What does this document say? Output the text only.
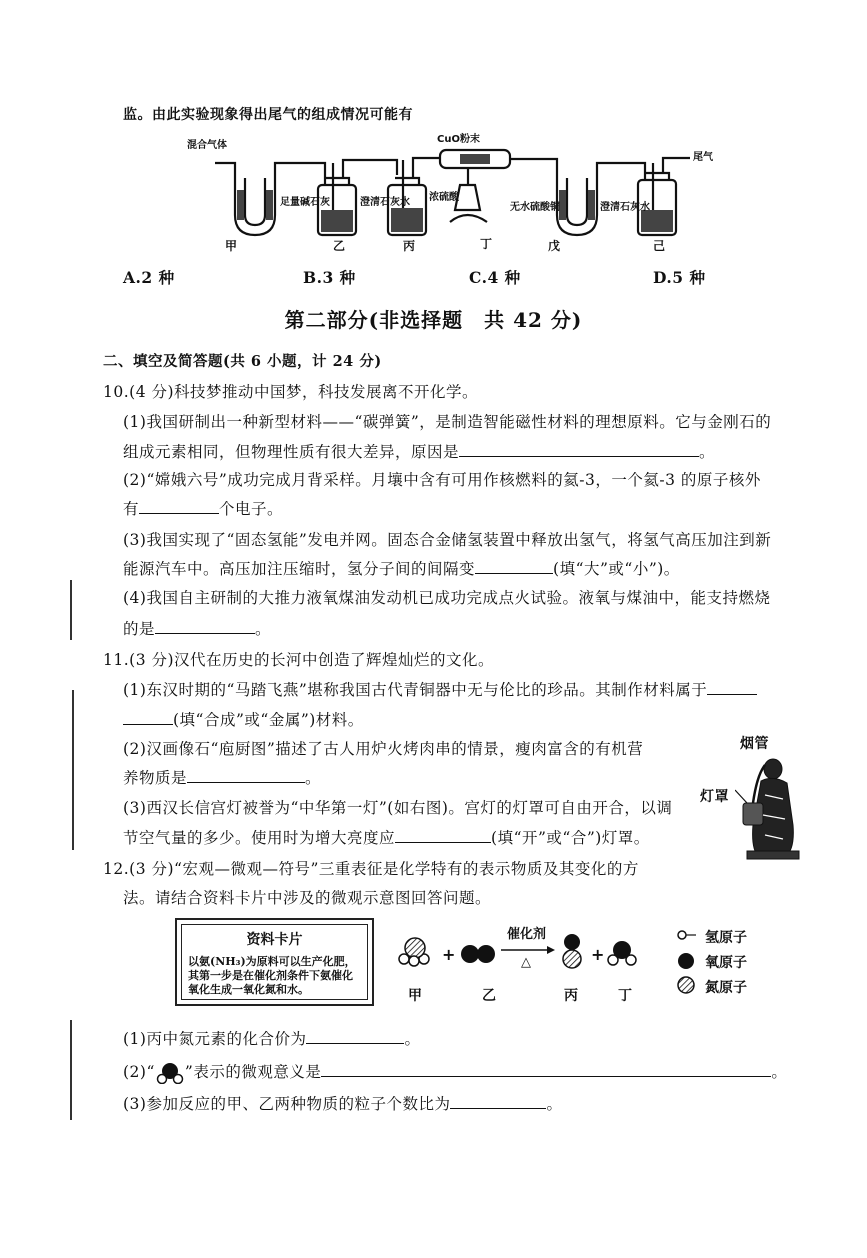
监。由此实验现象得出尾气的组成情况可能有
混合气体
足量碱石灰	澄清石灰水 浓硫酸
CuO粉末
无水硫酸铜	澄清石灰水
尾气
甲	乙	丙	丁	戊	己
A.2 种	B.3 种	C.4 种	D.5 种
第二部分(非选择题　共 42 分)
二、填空及简答题(共 6 小题，计 24 分)
10.(4 分)科技梦推动中国梦，科技发展离不开化学。
(1)我国研制出一种新型材料——“碳弹簧”，是制造智能磁性材料的理想原料。它与金刚石的
组成元素相同，但物理性质有很大差异，原因是	。
(2)“嫦娥六号”成功完成月背采样。月壤中含有可用作核燃料的氦-3，一个氦-3 的原子核外
有	个电子。
(3)我国实现了“固态氢能”发电并网。固态合金储氢装置中释放出氢气，将氢气高压加注到新
能源汽车中。高压加注压缩时，氢分子间的间隔变	(填“大”或“小”)。
(4)我国自主研制的大推力液氧煤油发动机已成功完成点火试验。液氧与煤油中，能支持燃烧
的是	。
11.(3 分)汉代在历史的长河中创造了辉煌灿烂的文化。
(1)东汉时期的“马踏飞燕”堪称我国古代青铜器中无与伦比的珍品。其制作材料属于
(填“合成”或“金属”)材料。
(2)汉画像石“庖厨图”描述了古人用炉火烤肉串的情景，瘦肉富含的有机营
养物质是	。
(3)西汉长信宫灯被誉为“中华第一灯”(如右图)。宫灯的灯罩可自由开合，以调
节空气量的多少。使用时为增大亮度应	(填“开”或“合”)灯罩。
烟管
灯罩
12.(3 分)“宏观—微观—符号”三重表征是化学特有的表示物质及其变化的方
法。请结合资料卡片中涉及的微观示意图回答问题。
资料卡片
以氨(NH₃)为原料可以生产化肥，其第一步是在催化剂条件下氨催化氧化生成一氧化氮和水。
+
催化剂
△	+
甲	乙	丙	丁
氢原子
氧原子
氮原子
(1)丙中氮元素的化合价为	。
(2)“ ”表示的微观意义是	。
(3)参加反应的甲、乙两种物质的粒子个数比为	。
